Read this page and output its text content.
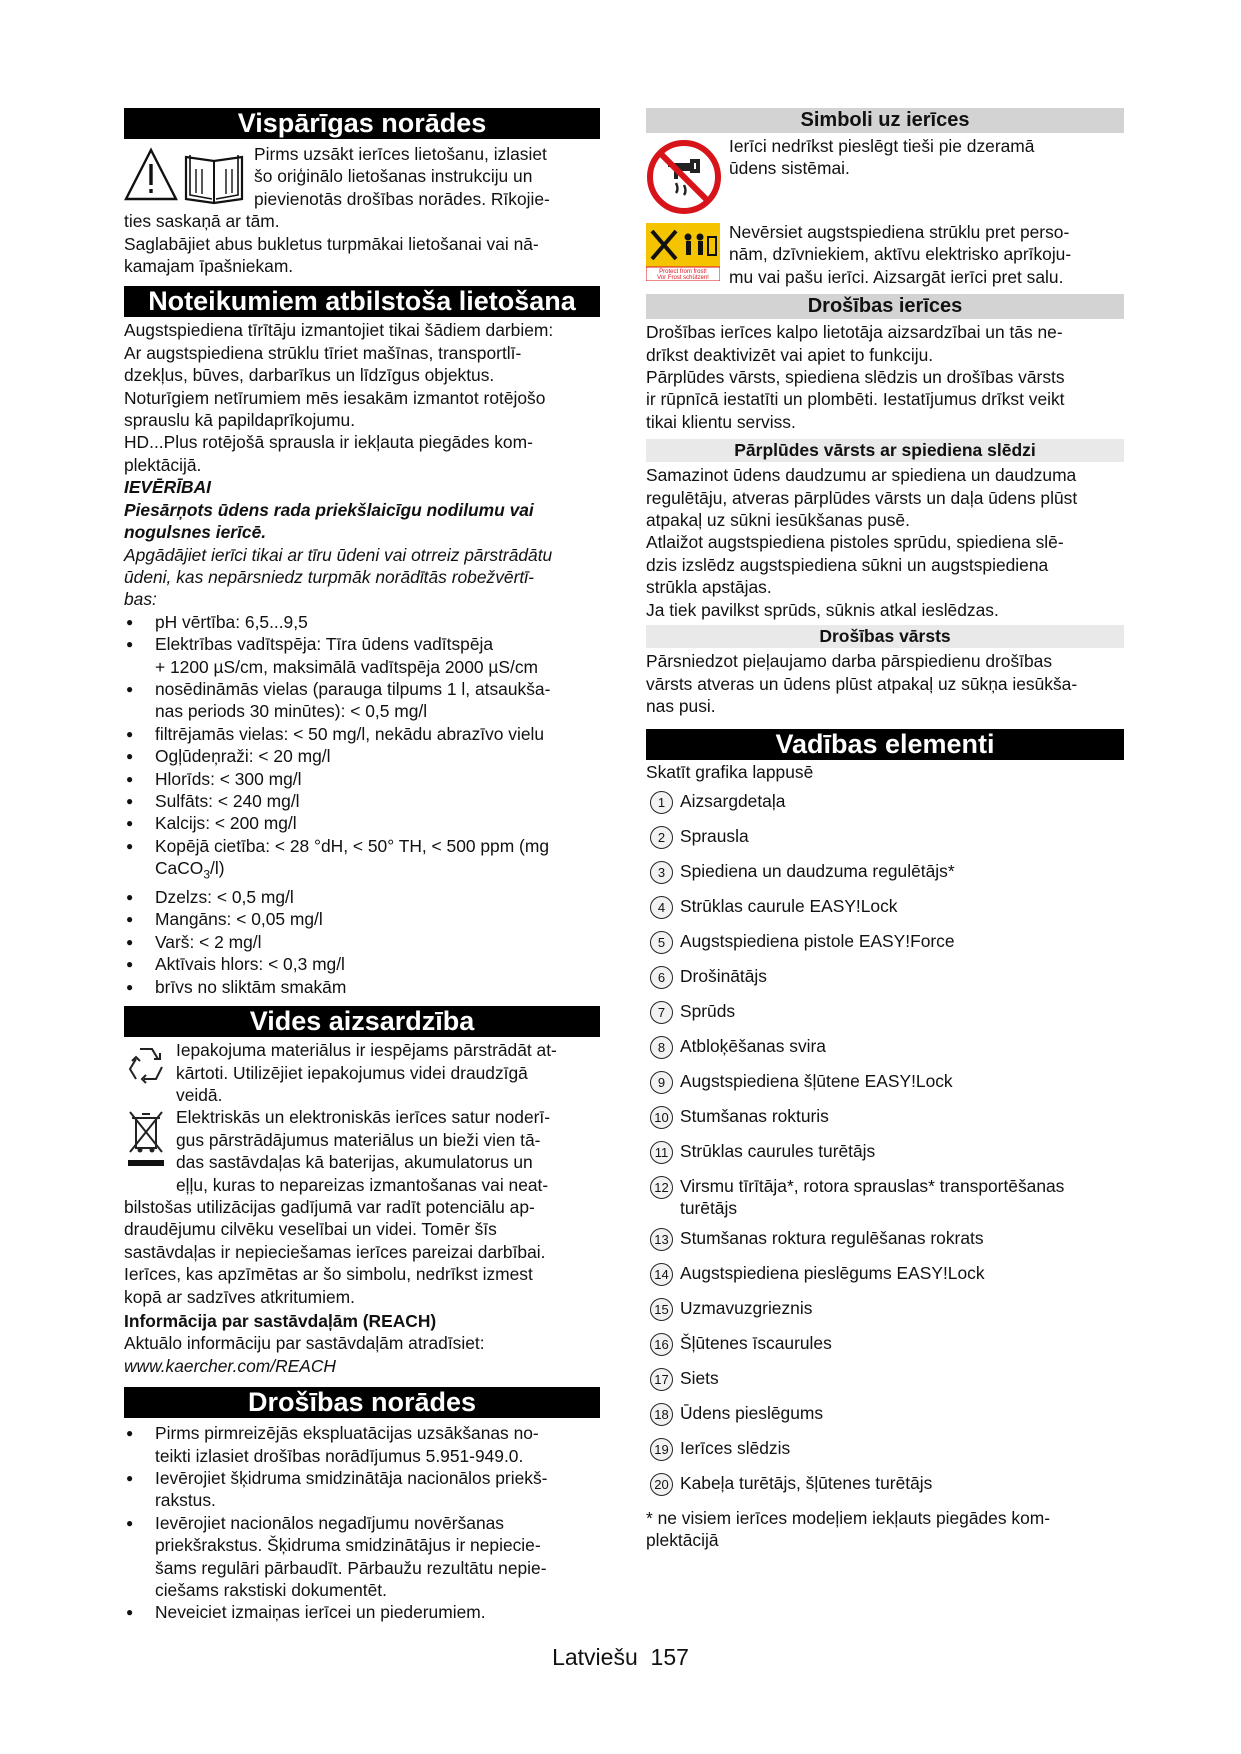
Vispārīgas norādes

Pirms uzsākt ierīces lietošanu, izlasiet

šo oriģinālo lietošanas instrukciju un

pievienotās drošības norādes. Rīkojie-

ties saskaņā ar tām.

Saglabājiet abus bukletus turpmākai lietošanai vai nā-

kamajam īpašniekam.

Noteikumiem atbilstoša lietošana

Augstspiediena tīrītāju izmantojiet tikai šādiem darbiem:

Ar augstspiediena strūklu tīriet mašīnas, transportlī-

dzekļus, būves, darbarīkus un līdzīgus objektus.

Noturīgiem netīrumiem mēs iesakām izmantot rotējošo

sprauslu kā papildaprīkojumu.

HD...Plus rotējošā sprausla ir iekļauta piegādes kom-

plektācijā.

IEVĒRĪBAI

Piesārņots ūdens rada priekšlaicīgu nodilumu vai

nogulsnes ierīcē.

Apgādājiet ierīci tikai ar tīru ūdeni vai otrreiz pārstrādātu

ūdeni, kas nepārsniedz turpmāk norādītās robežvērtī-

bas:

● pH vērtība: 6,5...9,5
● Elektrības vadītspēja: Tīra ūdens vadītspēja
+ 1200 µS/cm, maksimālā vadītspēja 2000 µS/cm
● nosēdināmās vielas (parauga tilpums 1 l, atsaukša-
nas periods 30 minūtes): < 0,5 mg/l
● filtrējamās vielas: < 50 mg/l, nekādu abrazīvo vielu
● Ogļūdeņraži: < 20 mg/l
● Hlorīds: < 300 mg/l
● Sulfāts: < 240 mg/l
● Kalcijs: < 200 mg/l
● Kopējā cietība: < 28 °dH, < 50° TH, < 500 ppm (mg
CaCO$_3$/l)
● Dzelzs: < 0,5 mg/l
● Mangāns: < 0,05 mg/l
● Varš: < 2 mg/l
● Aktīvais hlors: < 0,3 mg/l
● brīvs no sliktām smakām
Vides aizsardzība

Iepakojuma materiālus ir iespējams pārstrādāt at-

kārtoti. Utilizējiet iepakojumus videi draudzīgā

veidā.

Elektriskās un elektroniskās ierīces satur noderī-

gus pārstrādājumus materiālus un bieži vien tā-

das sastāvdaļas kā baterijas, akumulatorus un

eļļu, kuras to nepareizas izmantošanas vai neat-

bilstošas utilizācijas gadījumā var radīt potenciālu ap-

draudējumu cilvēku veselībai un videi. Tomēr šīs

sastāvdaļas ir nepieciešamas ierīces pareizai darbībai.

Ierīces, kas apzīmētas ar šo simbolu, nedrīkst izmest

kopā ar sadzīves atkritumiem.

Informācija par sastāvdaļām (REACH)

Aktuālo informāciju par sastāvdaļām atradīsiet:

www.kaercher.com/REACH

Drošības norādes
● Pirms pirmreizējās ekspluatācijas uzsākšanas no-
teikti izlasiet drošības norādījumus 5.951-949.0.
● Ievērojiet šķidruma smidzinātāja nacionālos priekš-
rakstus.
● Ievērojiet nacionālos negadījumu novēršanas
priekšrakstus. Šķidruma smidzinātājus ir nepiecie-
šams regulāri pārbaudīt. Pārbaužu rezultātu nepie-
ciešams rakstiski dokumentēt.
● Neveiciet izmaiņas ierīcei un piederumiem.
Simboli uz ierīces

Ierīci nedrīkst pieslēgt tieši pie dzeramā

ūdens sistēmai.

Protect from frost!
Vor Frost schützen!

Nevērsiet augstspiediena strūklu pret perso-

nām, dzīvniekiem, aktīvu elektrisko aprīkoju-

mu vai pašu ierīci. Aizsargāt ierīci pret salu.

Drošības ierīces

Drošības ierīces kalpo lietotāja aizsardzībai un tās ne-

drīkst deaktivizēt vai apiet to funkciju.

Pārplūdes vārsts, spiediena slēdzis un drošības vārsts

ir rūpnīcā iestatīti un plombēti. Iestatījumus drīkst veikt

tikai klientu serviss.

Pārplūdes vārsts ar spiediena slēdzi

Samazinot ūdens daudzumu ar spiediena un daudzuma

regulētāju, atveras pārplūdes vārsts un daļa ūdens plūst

atpakaļ uz sūkni iesūkšanas pusē.

Atlaižot augstspiediena pistoles sprūdu, spiediena slē-

dzis izslēdz augstspiediena sūkni un augstspiediena

strūkla apstājas.

Ja tiek pavilkst sprūds, sūknis atkal ieslēdzas.

Drošības vārsts

Pārsniedzot pieļaujamo darba pārspiedienu drošības

vārsts atveras un ūdens plūst atpakaļ uz sūkņa iesūkša-

nas pusi.

Vadības elementi

Skatīt grafika lappusē

1 Aizsargdetaļa
2 Sprausla
3 Spiediena un daudzuma regulētājs*
4 Strūklas caurule EASY!Lock
5 Augstspiediena pistole EASY!Force
6 Drošinātājs
7 Sprūds
8 Atbloķēšanas svira
9 Augstspiediena šļūtene EASY!Lock
10 Stumšanas rokturis
11 Strūklas caurules turētājs
12 Virsmu tīrītāja*, rotora sprauslas* transportēšanas
turētājs
13 Stumšanas roktura regulēšanas rokrats
14 Augstspiediena pieslēgums EASY!Lock
15 Uzmavuzgrieznis
16 Šļūtenes īscaurules
17 Siets
18 Ūdens pieslēgums
19 Ierīces slēdzis
20 Kabeļa turētājs, šļūtenes turētājs

* ne visiem ierīces modeļiem iekļauts piegādes kom-

plektācijā

Latviešu 157
